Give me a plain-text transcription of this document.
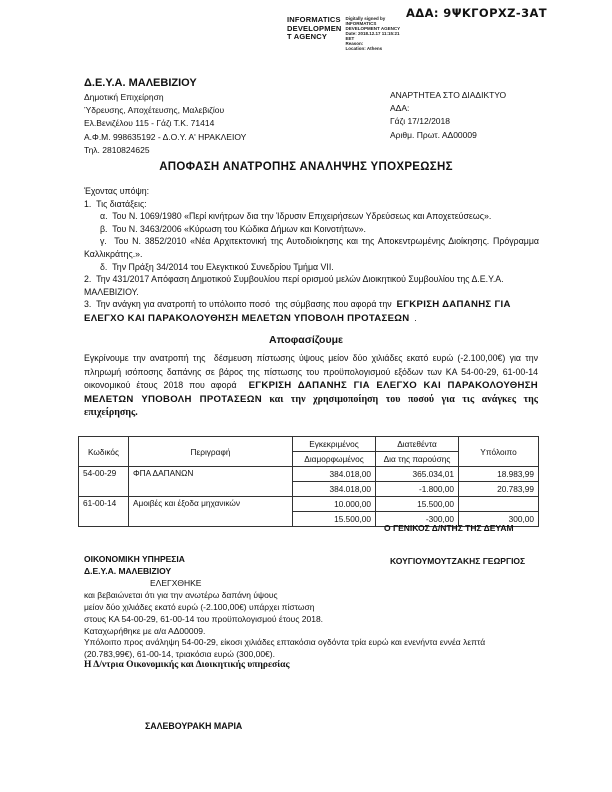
ΑΔΑ: 9ΨΚΓΟΡΧΖ-3ΑΤ
INFORMATICS
DEVELOPMEN
T AGENCY
Digitally signed by
INFORMATICS
DEVELOPMENT AGENCY
Date: 2018.12.17 11:15:21
EET
Reason:
Location: Athens
Δ.Ε.Υ.Α. ΜΑΛΕΒΙΖΙΟΥ
Δημοτική Επιχείρηση
Ύδρευσης, Αποχέτευσης, Μαλεβιζίου
Ελ.Βενιζέλου 115 - Γάζι Τ.Κ. 71414
Α.Φ.Μ. 998635192 - Δ.Ο.Υ. Α' ΗΡΑΚΛΕΙΟΥ
Τηλ. 2810824625
ΑΝΑΡΤΗΤΕΑ ΣΤΟ ΔΙΑΔΙΚΤΥΟ
ΑΔΑ:
Γάζι 17/12/2018
Αριθμ. Πρωτ. ΑΔ00009
ΑΠΟΦΑΣΗ ΑΝΑΤΡΟΠΗΣ ΑΝΑΛΗΨΗΣ ΥΠΟΧΡΕΩΣΗΣ
Έχοντας υπόψη:
1.  Τις διατάξεις:
α.  Του Ν. 1069/1980 «Περί κινήτρων δια την Ίδρυσιν Επιχειρήσεων Υδρεύσεως και Αποχετεύσεως».
β.  Του Ν. 3463/2006 «Κύρωση του Κώδικα Δήμων και Κοινοτήτων».
γ.  Του Ν. 3852/2010 «Νέα Αρχιτεκτονική της Αυτοδιοίκησης και της Αποκεντρωμένης Διοίκησης. Πρόγραμμα Καλλικράτης.».
δ.  Την Πράξη 34/2014 του Ελεγκτικού Συνεδρίου Τμήμα VII.
2.  Την 431/2017 Απόφαση Δημοτικού Συμβουλίου περί ορισμού μελών Διοικητικού Συμβουλίου της Δ.Ε.Υ.Α. ΜΑΛΕΒΙΖΙΟΥ.
3.  Την ανάγκη για ανατροπή το υπόλοιπο ποσό  της σύμβασης που αφορά την  ΕΓΚΡΙΣΗ ΔΑΠΑΝΗΣ ΓΙΑ ΕΛΕΓΧΟ ΚΑΙ ΠΑΡΑΚΟΛΟΥΘΗΣΗ ΜΕΛΕΤΩΝ ΥΠΟΒΟΛΗ ΠΡΟΤΑΣΕΩΝ  .
Αποφασίζουμε
Εγκρίνουμε την ανατροπή της  δέσμευση πίστωσης ύψους μείον δύο χιλιάδες εκατό ευρώ (-2.100,00€) για την πληρωμή ισόποσης δαπάνης σε βάρος της πίστωσης του προϋπολογισμού εξόδων των ΚΑ 54-00-29, 61-00-14 οικονομικού έτους 2018 που αφορά  ΕΓΚΡΙΣΗ ΔΑΠΑΝΗΣ ΓΙΑ ΕΛΕΓΧΟ ΚΑΙ ΠΑΡΑΚΟΛΟΥΘΗΣΗ ΜΕΛΕΤΩΝ ΥΠΟΒΟΛΗ ΠΡΟΤΑΣΕΩΝ και την χρησιμοποίηση του ποσού για τις ανάγκες της επιχείρησης.
Κωδικός	Περιγραφή	Εγκεκριμένος	Διατεθέντα	Υπόλοιπο
		Διαμορφωμένος	Δια της παρούσης	
54-00-29	ΦΠΑ ΔΑΠΑΝΩΝ	384.018,00	365.034,01	18.983,99
		384.018,00	-1.800,00	20.783,99
61-00-14	Αμοιβές και έξοδα μηχανικών	10.000,00	15.500,00	
		15.500,00	-300,00	300,00
Ο ΓΕΝΙΚΟΣ Δ/ΝΤΗΣ ΤΗΣ ΔΕΥΑΜ
ΟΙΚΟΝΟΜΙΚΗ ΥΠΗΡΕΣΙΑ	ΚΟΥΓΙΟΥΜΟΥΤΖΑΚΗΣ ΓΕΩΡΓΙΟΣ
Δ.Ε.Υ.Α. ΜΑΛΕΒΙΖΙΟΥ
ΕΛΕΓΧΘΗΚΕ
και βεβαιώνεται ότι για την ανωτέρω δαπάνη ύψους
μείον δύο χιλιάδες εκατό ευρώ (-2.100,00€) υπάρχει πίστωση
στους ΚΑ 54-00-29, 61-00-14 του προϋπολογισμού έτους 2018.
Καταχωρήθηκε με α/α ΑΔ00009.
Υπόλοιπο προς ανάληψη 54-00-29, είκοσι χιλιάδες επτακόσια ογδόντα τρία ευρώ και ενενήντα εννέα λεπτά
(20.783,99€), 61-00-14, τριακόσια ευρώ (300,00€).
Η Δ/ντρια Οικονομικής και Διοικητικής υπηρεσίας
ΣΑΛΕΒΟΥΡΑΚΗ ΜΑΡΙΑ
